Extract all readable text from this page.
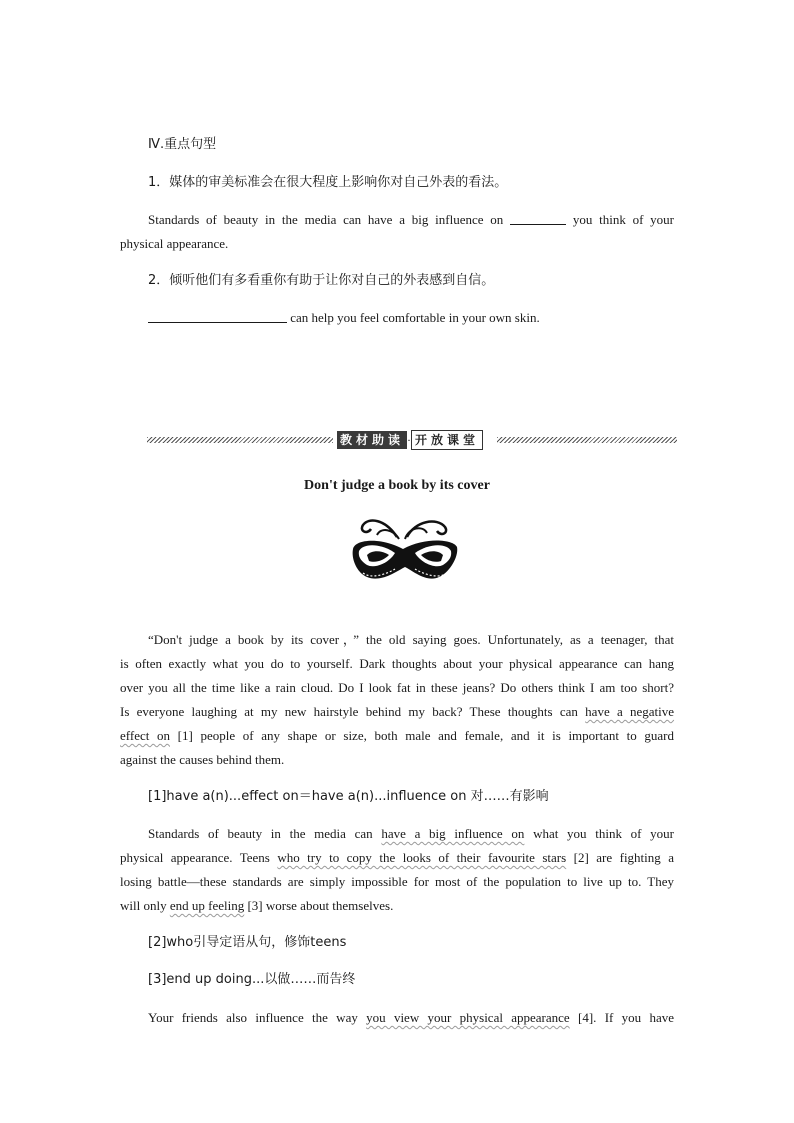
Ⅳ.重点句型
1．媒体的审美标准会在很大程度上影响你对自己外表的看法。
Standards of beauty in the media can have a big influence on	you think of your
physical appearance.
2．倾听他们有多看重你有助于让你对自己的外表感到自信。
can help you feel comfortable in your own skin.
教材助读 · 开放课堂
Don't judge a book by its cover
“Don't judge a book by its cover，” the old saying goes. Unfortunately, as a teenager, that
is often exactly what you do to yourself. Dark thoughts about your physical appearance can hang
over you all the time like a rain cloud. Do I look fat in these jeans? Do others think I am too short?
Is everyone laughing at my new hairstyle behind my back? These thoughts can have a negative
effect on [1] people of any shape or size, both male and female, and it is important to guard
against the causes behind them.
[1]have a(n)...effect on＝have a(n)...influence on 对……有影响
Standards of beauty in the media can have a big influence on what you think of your
physical appearance. Teens who try to copy the looks of their favourite stars [2] are fighting a
losing battle—these standards are simply impossible for most of the population to live up to. They
will only end up feeling [3] worse about themselves.
[2]who引导定语从句，修饰teens
[3]end up doing...以做……而告终
Your friends also influence the way you view your physical appearance [4]. If you have
